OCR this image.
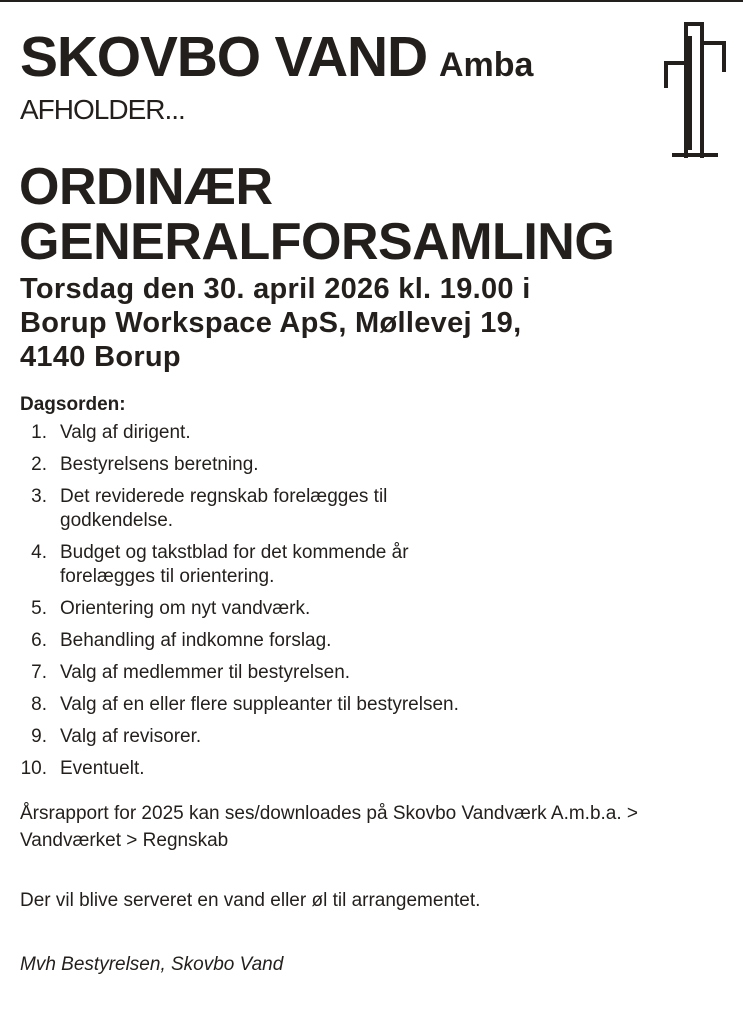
SKOVBO VAND Amba

AFHOLDER...

ORDINÆR
GENERALFORSAMLING

Torsdag den 30. april 2026 kl. 19.00 i
Borup Workspace ApS, Møllevej 19,
4140 Borup

Dagsorden:

1. Valg af dirigent.
2. Bestyrelsens beretning.
3. Det reviderede regnskab forelægges til godkendelse.
4. Budget og takstblad for det kommende år forelægges til orientering.
5. Orientering om nyt vandværk.
6. Behandling af indkomne forslag.
7. Valg af medlemmer til bestyrelsen.
8. Valg af en eller flere suppleanter til bestyrelsen.
9. Valg af revisorer.
10. Eventuelt.

Årsrapport for 2025 kan ses/downloades på Skovbo Vandværk A.m.b.a. > Vandværket > Regnskab

Der vil blive serveret en vand eller øl til arrangementet.

Mvh Bestyrelsen, Skovbo Vand
